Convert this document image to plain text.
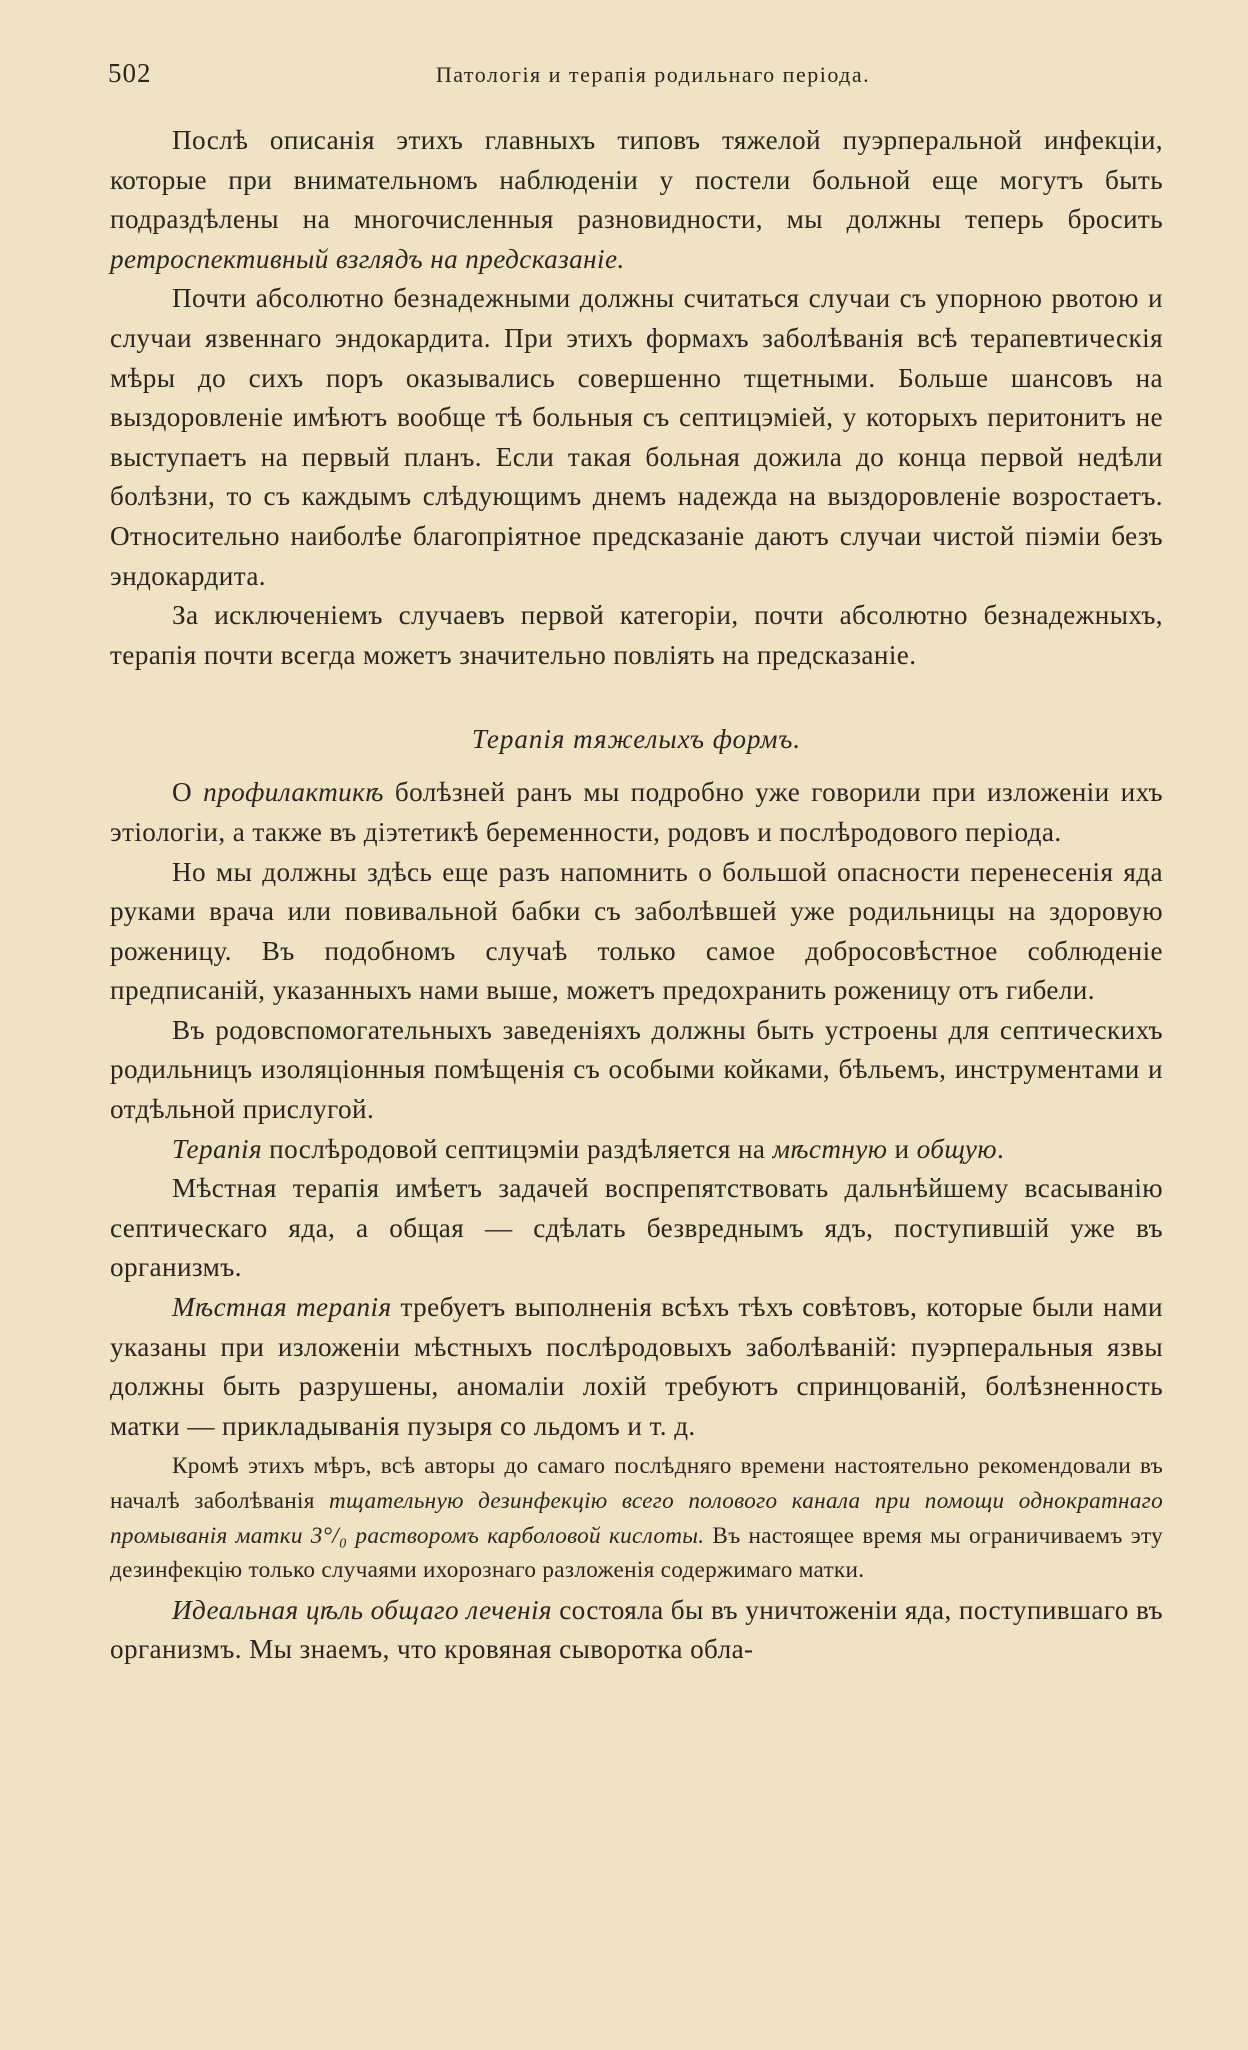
502	Патологія и терапія родильнаго періода.

Послѣ описанія этихъ главныхъ типовъ тяжелой пуэрперальной инфекціи, которые при внимательномъ наблюденіи у постели больной еще могутъ быть подраздѣлены на многочисленныя разновидности, мы должны теперь бросить ретроспективный взглядъ на предсказаніе.

Почти абсолютно безнадежными должны считаться случаи съ упорною рвотою и случаи язвеннаго эндокардита. При этихъ формахъ заболѣванія всѣ терапевтическія мѣры до сихъ поръ оказывались совершенно тщетными. Больше шансовъ на выздоровленіе имѣютъ вообще тѣ больныя съ септицэміей, у которыхъ перитонитъ не выступаетъ на первый планъ. Если такая больная дожила до конца первой недѣли болѣзни, то съ каждымъ слѣдующимъ днемъ надежда на выздоровленіе возростаетъ. Относительно наиболѣе благопріятное предсказаніе даютъ случаи чистой піэміи безъ эндокардита.

За исключеніемъ случаевъ первой категоріи, почти абсолютно безнадежныхъ, терапія почти всегда можетъ значительно повліять на предсказаніе.

Терапія тяжелыхъ формъ.

О профилактикѣ болѣзней ранъ мы подробно уже говорили при изложеніи ихъ этіологіи, а также въ діэтетикѣ беременности, родовъ и послѣродового періода.

Но мы должны здѣсь еще разъ напомнить о большой опасности перенесенія яда руками врача или повивальной бабки съ заболѣвшей уже родильницы на здоровую роженицу. Въ подобномъ случаѣ только самое добросовѣстное соблюденіе предписаній, указанныхъ нами выше, можетъ предохранить роженицу отъ гибели.

Въ родовспомогательныхъ заведеніяхъ должны быть устроены для септическихъ родильницъ изоляціонныя помѣщенія съ особыми койками, бѣльемъ, инструментами и отдѣльной прислугой.

Терапія послѣродовой септицэміи раздѣляется на мѣстную и общую.

Мѣстная терапія имѣетъ задачей воспрепятствовать дальнѣйшему всасыванію септическаго яда, а общая — сдѣлать безвреднымъ ядъ, поступившій уже въ организмъ.

Мѣстная терапія требуетъ выполненія всѣхъ тѣхъ совѣтовъ, которые были нами указаны при изложеніи мѣстныхъ послѣродовыхъ заболѣваній: пуэрперальныя язвы должны быть разрушены, аномаліи лохій требуютъ спринцованій, болѣзненность матки — прикладыванія пузыря со льдомъ и т. д.

Кромѣ этихъ мѣръ, всѣ авторы до самаго послѣдняго времени настоятельно рекомендовали въ началѣ заболѣванія тщательную дезинфекцію всего полового канала при помощи однократнаго промыванія матки 3°/₀ растворомъ карболовой кислоты. Въ настоящее время мы ограничиваемъ эту дезинфекцію только случаями ихорознаго разложенія содержимаго матки.

Идеальная цѣль общаго леченія состояла бы въ уничтоженіи яда, поступившаго въ организмъ. Мы знаемъ, что кровяная сыворотка обла-
